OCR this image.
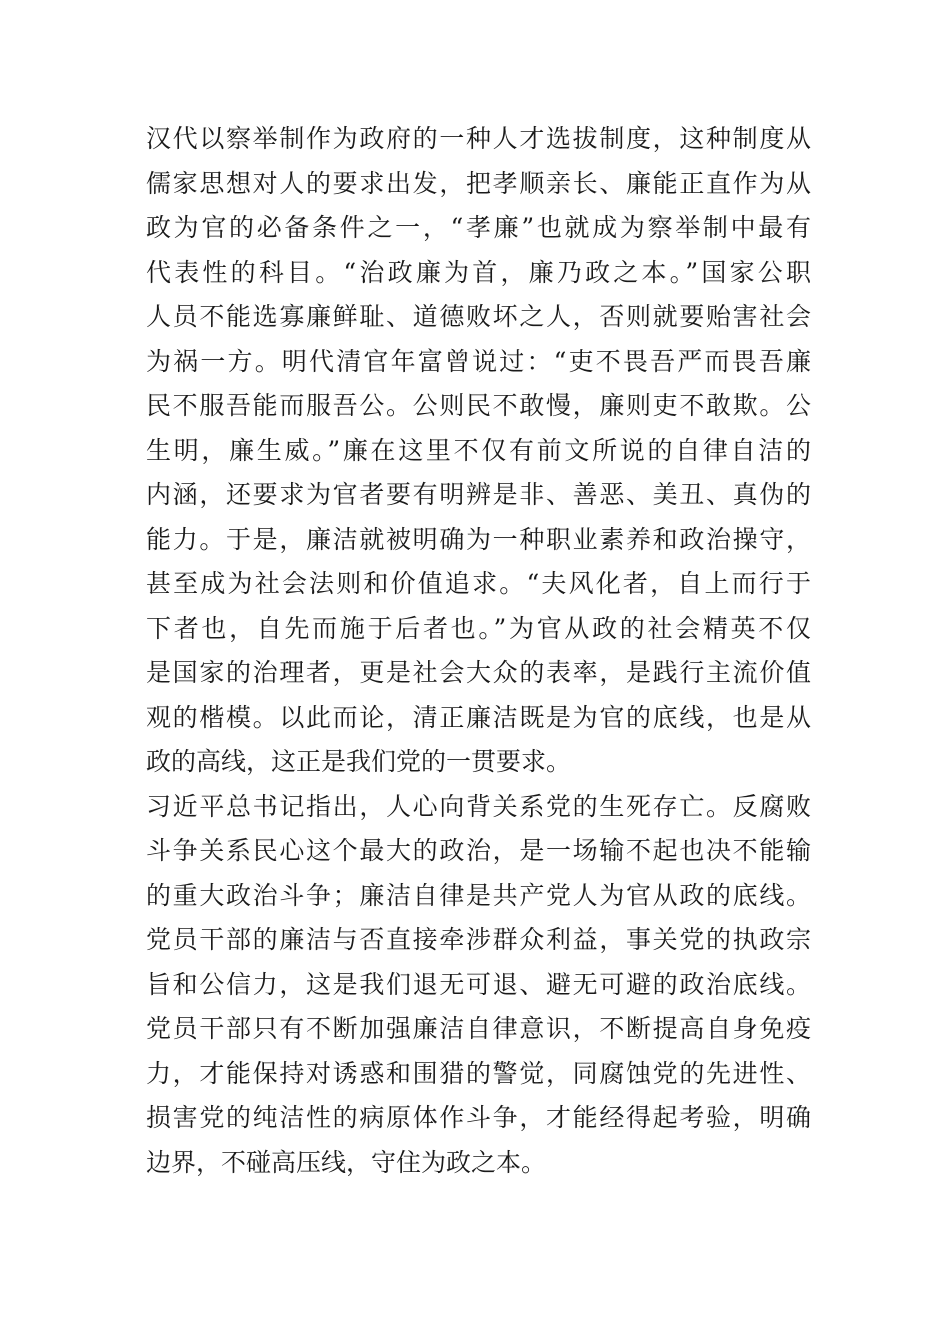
汉代以察举制作为政府的一种人才选拔制度，这种制度从
儒家思想对人的要求出发，把孝顺亲长、廉能正直作为从
政为官的必备条件之一，“孝廉”也就成为察举制中最有
代表性的科目。“治政廉为首，廉乃政之本。”国家公职
人员不能选寡廉鲜耻、道德败坏之人，否则就要贻害社会
为祸一方。明代清官年富曾说过：“吏不畏吾严而畏吾廉
民不服吾能而服吾公。公则民不敢慢，廉则吏不敢欺。公
生明，廉生威。”廉在这里不仅有前文所说的自律自洁的
内涵，还要求为官者要有明辨是非、善恶、美丑、真伪的
能力。于是，廉洁就被明确为一种职业素养和政治操守，
甚至成为社会法则和价值追求。“夫风化者，自上而行于
下者也，自先而施于后者也。”为官从政的社会精英不仅
是国家的治理者，更是社会大众的表率，是践行主流价值
观的楷模。以此而论，清正廉洁既是为官的底线，也是从
政的高线，这正是我们党的一贯要求。
习近平总书记指出，人心向背关系党的生死存亡。反腐败
斗争关系民心这个最大的政治，是一场输不起也决不能输
的重大政治斗争；廉洁自律是共产党人为官从政的底线。
党员干部的廉洁与否直接牵涉群众利益，事关党的执政宗
旨和公信力，这是我们退无可退、避无可避的政治底线。
党员干部只有不断加强廉洁自律意识，不断提高自身免疫
力，才能保持对诱惑和围猎的警觉，同腐蚀党的先进性、
损害党的纯洁性的病原体作斗争，才能经得起考验，明确
边界，不碰高压线，守住为政之本。
